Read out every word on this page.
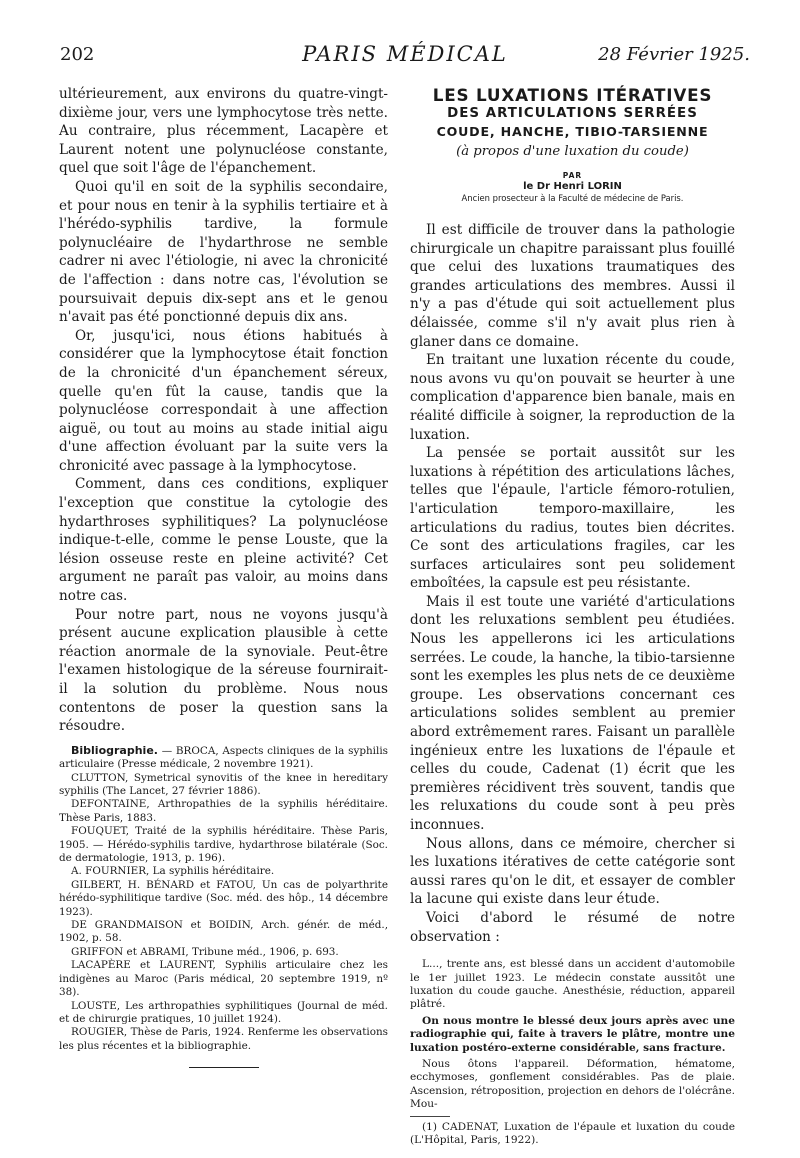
202	PARIS MÉDICAL	28 Février 1925.

ultérieurement, aux environs du quatre-vingt-dixième jour, vers une lymphocytose très nette. Au contraire, plus récemment, Lacapère et Laurent notent une polynucléose constante, quel que soit l'âge de l'épanchement.

Quoi qu'il en soit de la syphilis secondaire, et pour nous en tenir à la syphilis tertiaire et à l'hérédo-syphilis tardive, la formule polynucléaire de l'hydarthrose ne semble cadrer ni avec l'étiologie, ni avec la chronicité de l'affection : dans notre cas, l'évolution se poursuivait depuis dix-sept ans et le genou n'avait pas été ponctionné depuis dix ans.

Or, jusqu'ici, nous étions habitués à considérer que la lymphocytose était fonction de la chronicité d'un épanchement séreux, quelle qu'en fût la cause, tandis que la polynucléose correspondait à une affection aiguë, ou tout au moins au stade initial aigu d'une affection évoluant par la suite vers la chronicité avec passage à la lymphocytose.

Comment, dans ces conditions, expliquer l'exception que constitue la cytologie des hydarthroses syphilitiques? La polynucléose indique-t-elle, comme le pense Louste, que la lésion osseuse reste en pleine activité? Cet argument ne paraît pas valoir, au moins dans notre cas.

Pour notre part, nous ne voyons jusqu'à présent aucune explication plausible à cette réaction anormale de la synoviale. Peut-être l'examen histologique de la séreuse fournirait-il la solution du problème. Nous nous contentons de poser la question sans la résoudre.

Bibliographie. — BROCA, Aspects cliniques de la syphilis articulaire (Presse médicale, 2 novembre 1921).

CLUTTON, Symetrical synovitis of the knee in hereditary syphilis (The Lancet, 27 février 1886).

DEFONTAINE, Arthropathies de la syphilis héréditaire. Thèse Paris, 1883.

FOUQUET, Traité de la syphilis héréditaire. Thèse Paris, 1905. — Hérédo-syphilis tardive, hydarthrose bilatérale (Soc. de dermatologie, 1913, p. 196).

A. FOURNIER, La syphilis héréditaire.

GILBERT, H. BÉNARD et FATOU, Un cas de polyarthrite hérédo-syphilitique tardive (Soc. méd. des hôp., 14 décembre 1923).

DE GRANDMAISON et BOIDIN, Arch. génér. de méd., 1902, p. 58.

GRIFFON et ABRAMI, Tribune méd., 1906, p. 693.

LACAPÈRE et LAURENT, Syphilis articulaire chez les indigènes au Maroc (Paris médical, 20 septembre 1919, nº 38).

LOUSTE, Les arthropathies syphilitiques (Journal de méd. et de chirurgie pratiques, 10 juillet 1924).

ROUGIER, Thèse de Paris, 1924. Renferme les observations les plus récentes et la bibliographie.

LES LUXATIONS ITÉRATIVES

DES ARTICULATIONS SERRÉES

COUDE, HANCHE, TIBIO-TARSIENNE

(à propos d'une luxation du coude)

PAR
le Dr Henri LORIN
Ancien prosecteur à la Faculté de médecine de Paris.

Il est difficile de trouver dans la pathologie chirurgicale un chapitre paraissant plus fouillé que celui des luxations traumatiques des grandes articulations des membres. Aussi il n'y a pas d'étude qui soit actuellement plus délaissée, comme s'il n'y avait plus rien à glaner dans ce domaine.

En traitant une luxation récente du coude, nous avons vu qu'on pouvait se heurter à une complication d'apparence bien banale, mais en réalité difficile à soigner, la reproduction de la luxation.

La pensée se portait aussitôt sur les luxations à répétition des articulations lâches, telles que l'épaule, l'article fémoro-rotulien, l'articulation temporo-maxillaire, les articulations du radius, toutes bien décrites. Ce sont des articulations fragiles, car les surfaces articulaires sont peu solidement emboîtées, la capsule est peu résistante.

Mais il est toute une variété d'articulations dont les reluxations semblent peu étudiées. Nous les appellerons ici les articulations serrées. Le coude, la hanche, la tibio-tarsienne sont les exemples les plus nets de ce deuxième groupe. Les observations concernant ces articulations solides semblent au premier abord extrêmement rares. Faisant un parallèle ingénieux entre les luxations de l'épaule et celles du coude, Cadenat (1) écrit que les premières récidivent très souvent, tandis que les reluxations du coude sont à peu près inconnues.

Nous allons, dans ce mémoire, chercher si les luxations itératives de cette catégorie sont aussi rares qu'on le dit, et essayer de combler la lacune qui existe dans leur étude.

Voici d'abord le résumé de notre observation :

L..., trente ans, est blessé dans un accident d'automobile le 1er juillet 1923. Le médecin constate aussitôt une luxation du coude gauche. Anesthésie, réduction, appareil plâtré.

On nous montre le blessé deux jours après avec une radiographie qui, faite à travers le plâtre, montre une luxation postéro-externe considérable, sans fracture.

Nous ôtons l'appareil. Déformation, hématome, ecchymoses, gonflement considérables. Pas de plaie. Ascension, rétroposition, projection en dehors de l'olécrâne. Mou-

(1) CADENAT, Luxation de l'épaule et luxation du coude (L'Hôpital, Paris, 1922).
